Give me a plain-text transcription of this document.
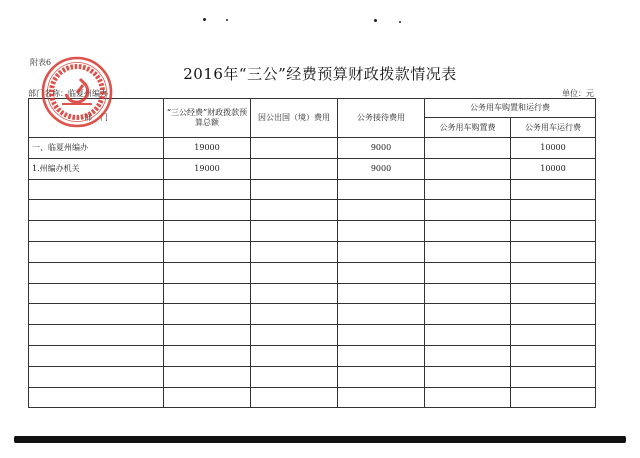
附表6
2016年“三公”经费预算财政拨款情况表
部门名称：临夏州编办	单位：元
部　门	“三公经费”财政拨款预算总额	因公出国（境）费用	公务接待费用	公务用车购置和运行费	
				公务用车购置费	公务用车运行费
一、临夏州编办	19000		9000		10000
1.州编办机关	19000		9000		10000
